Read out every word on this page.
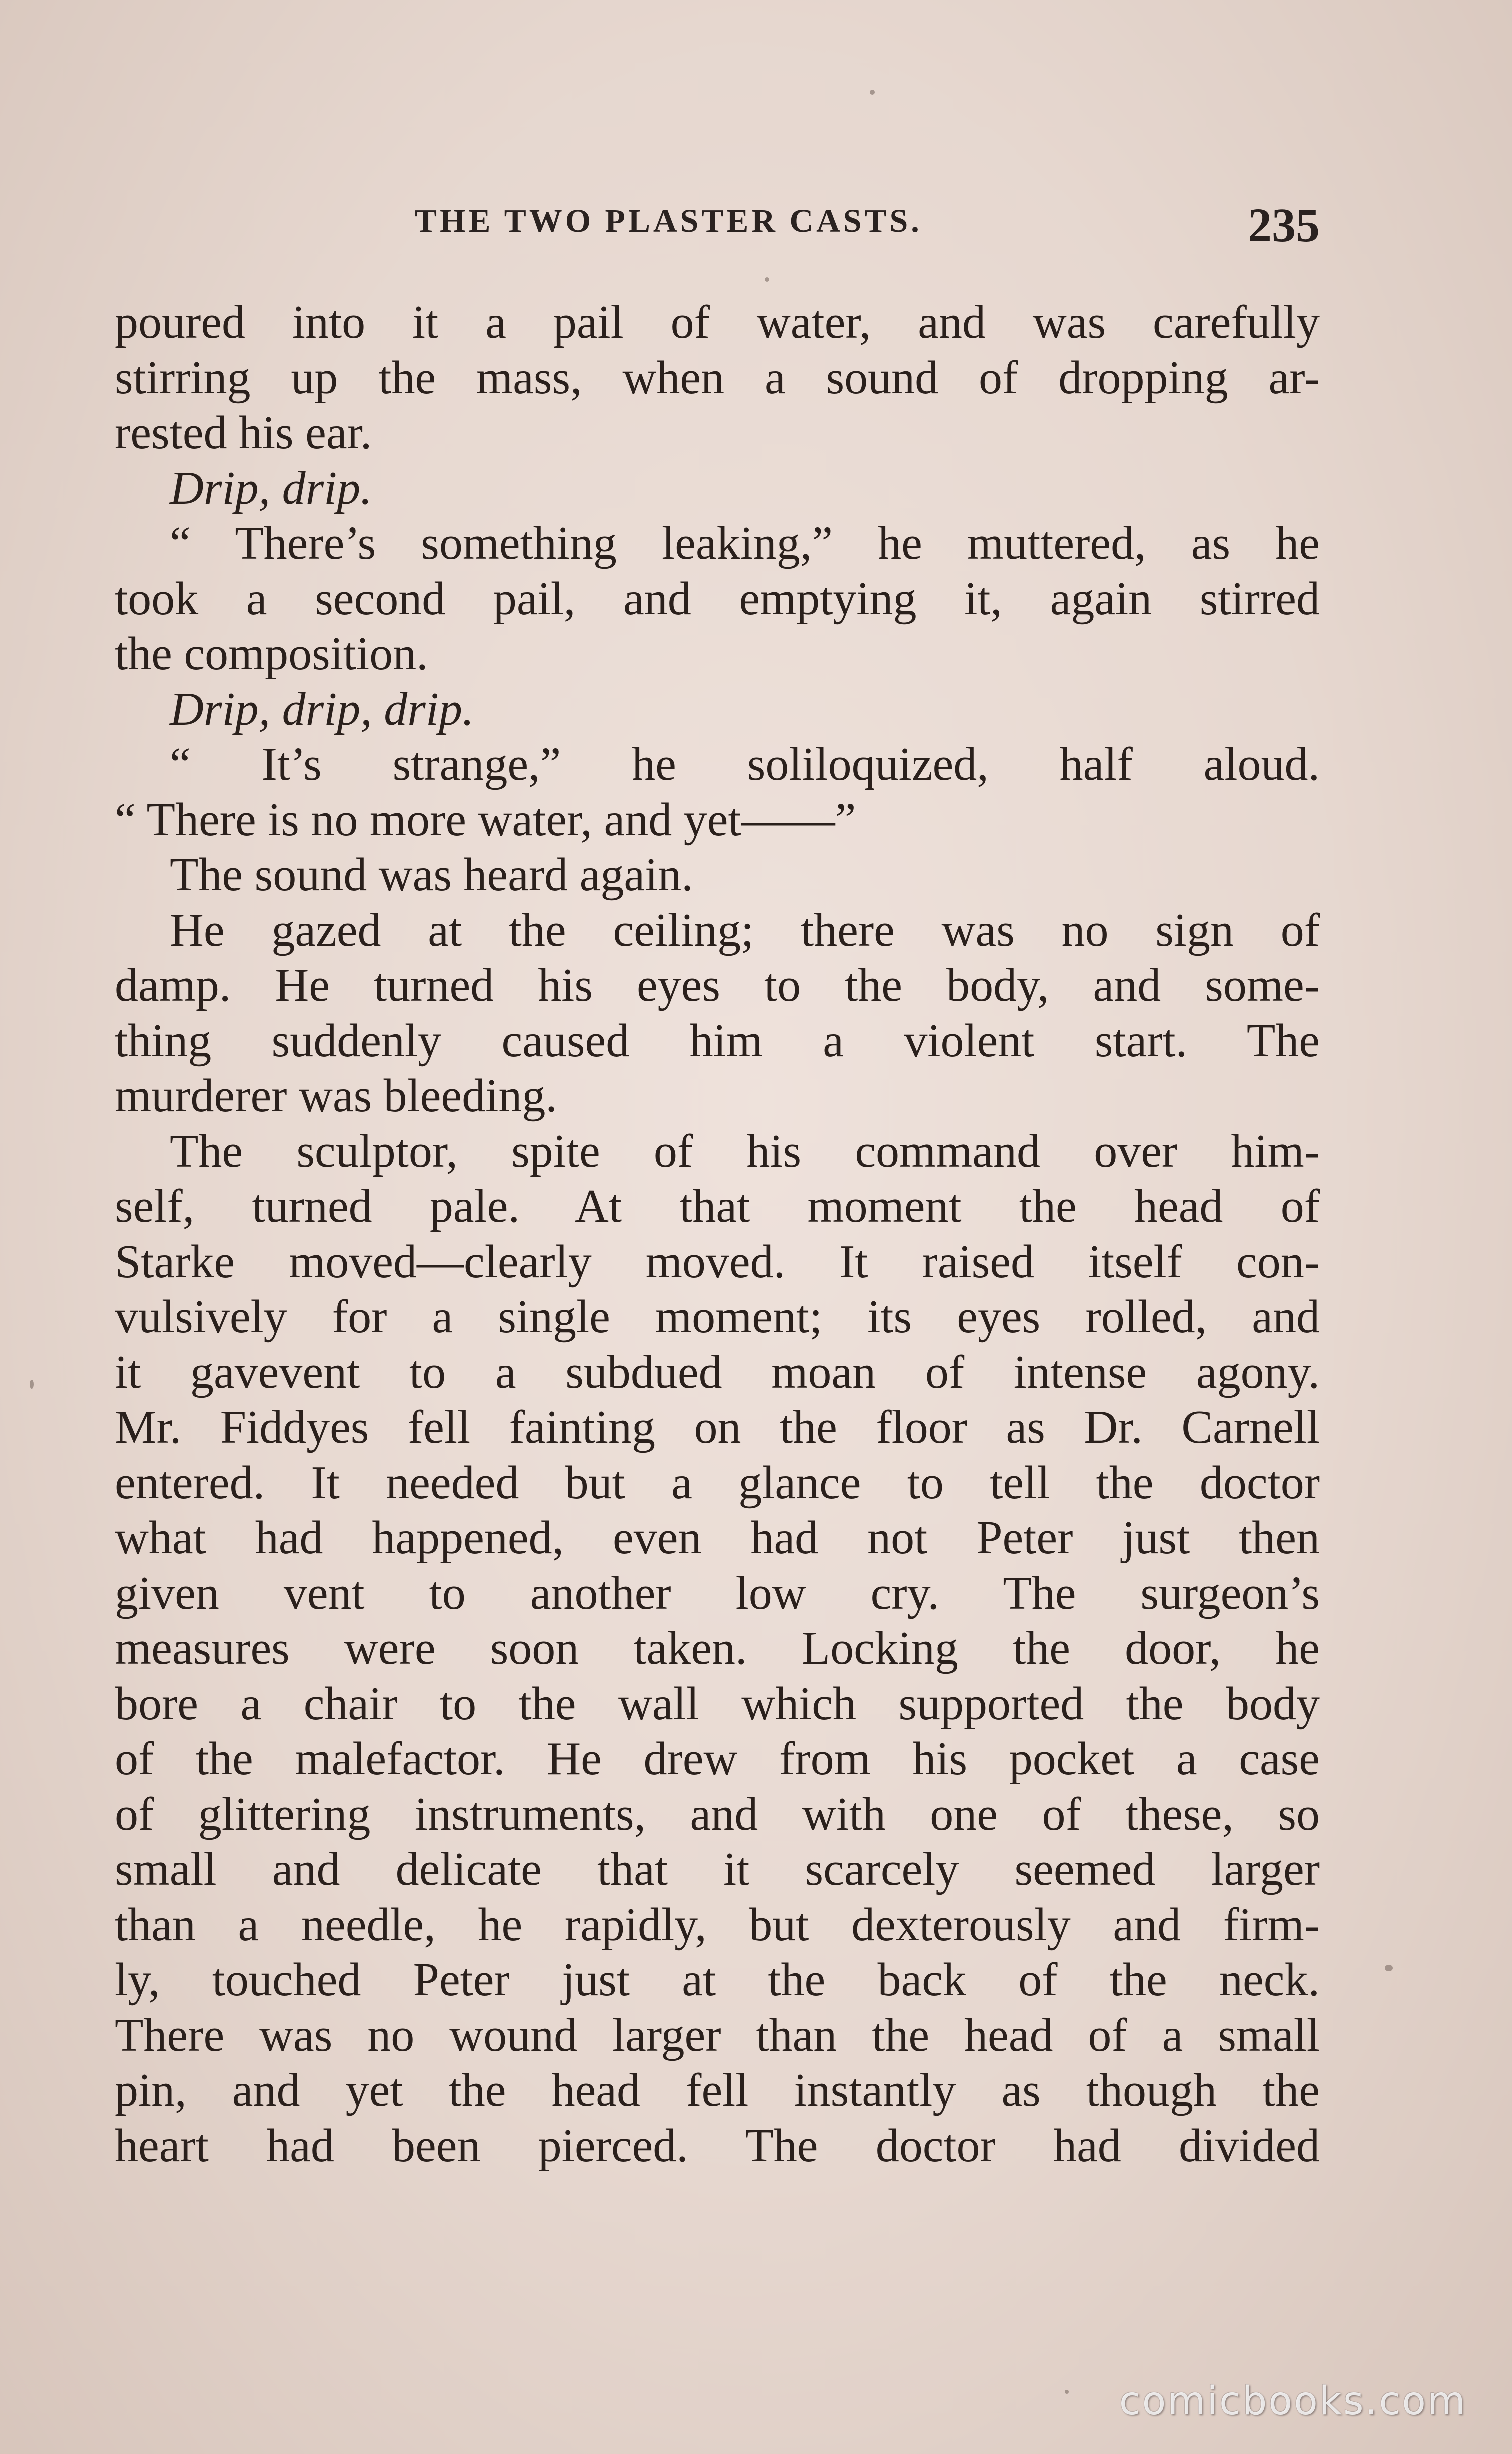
THE TWO PLASTER CASTS.	235
poured into it a pail of water, and was carefully
stirring up the mass, when a sound of dropping ar-
rested his ear.
Drip, drip.
“ There’s something leaking,” he muttered, as he
took a second pail, and emptying it, again stirred
the composition.
Drip, drip, drip.
“ It’s strange,” he soliloquized, half aloud.
“ There is no more water, and yet——”
The sound was heard again.
He gazed at the ceiling; there was no sign of
damp. He turned his eyes to the body, and some-
thing suddenly caused him a violent start. The
murderer was bleeding.
The sculptor, spite of his command over him-
self, turned pale. At that moment the head of
Starke moved—clearly moved. It raised itself con-
vulsively for a single moment; its eyes rolled, and
it gavevent to a subdued moan of intense agony.
Mr. Fiddyes fell fainting on the floor as Dr. Carnell
entered. It needed but a glance to tell the doctor
what had happened, even had not Peter just then
given vent to another low cry. The surgeon’s
measures were soon taken. Locking the door, he
bore a chair to the wall which supported the body
of the malefactor. He drew from his pocket a case
of glittering instruments, and with one of these, so
small and delicate that it scarcely seemed larger
than a needle, he rapidly, but dexterously and firm-
ly, touched Peter just at the back of the neck.
There was no wound larger than the head of a small
pin, and yet the head fell instantly as though the
heart had been pierced. The doctor had divided
comicbooks.com
